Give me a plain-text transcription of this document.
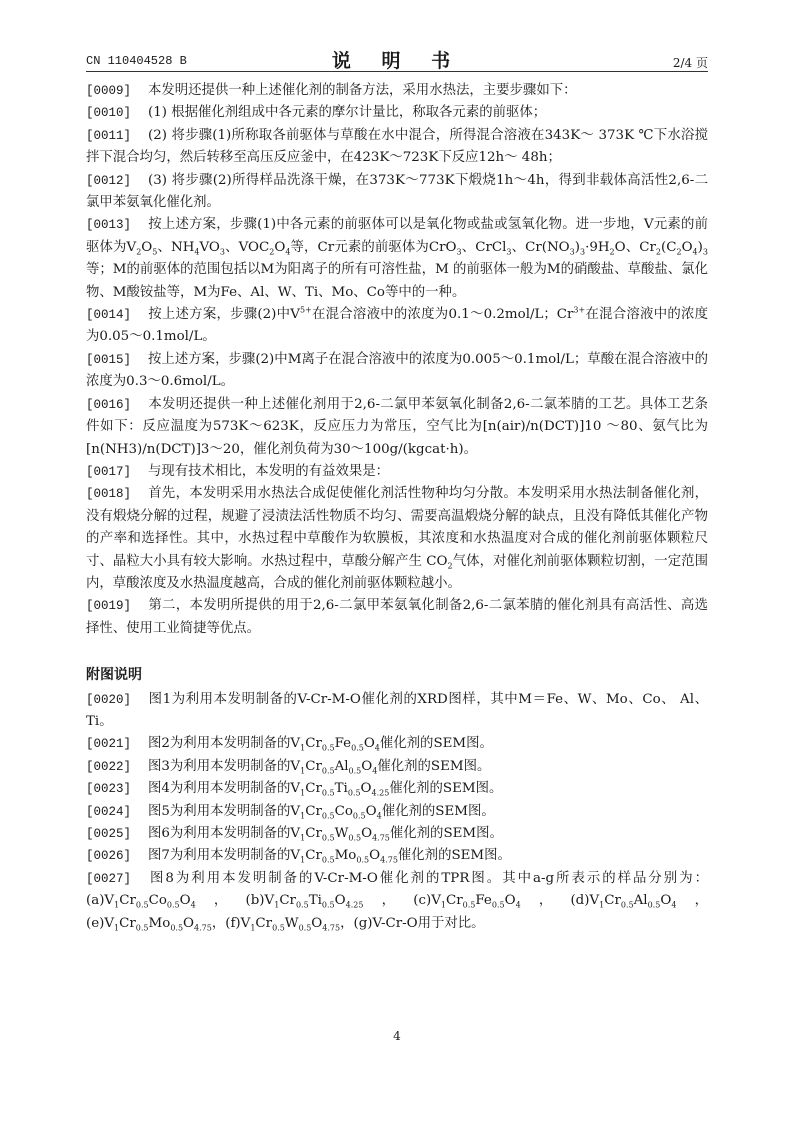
CN 110404528 B	说 明 书	2/4 页

[0009] 本发明还提供一种上述催化剂的制备方法，采用水热法，主要步骤如下：

[0010] (1) 根据催化剂组成中各元素的摩尔计量比，称取各元素的前驱体；

[0011] (2) 将步骤(1)所称取各前驱体与草酸在水中混合，所得混合溶液在343K～ 373K ℃下水浴搅拌下混合均匀，然后转移至高压反应釜中，在423K～723K下反应12h～ 48h；

[0012] (3) 将步骤(2)所得样品洗涤干燥，在373K～773K下煅烧1h～4h，得到非载体高活性2,6-二氯甲苯氨氧化催化剂。

[0013] 按上述方案，步骤(1)中各元素的前驱体可以是氧化物或盐或氢氧化物。进一步地，V元素的前驱体为$V_2O_5$、$NH_4VO_3$、$VOC_2O_4$等，Cr元素的前驱体为CrO$_3$、CrCl$_3$、$Cr(NO_3)_3\cdot 9H_2O$、$Cr_2(C_2O_4)_3$等；M的前驱体的范围包括以M为阳离子的所有可溶性盐，M 的前驱体一般为M的硝酸盐、草酸盐、氯化物、M酸铵盐等，M为Fe、Al、W、Ti、Mo、Co等中的一种。

[0014] 按上述方案，步骤(2)中$V^{5+}$在混合溶液中的浓度为0.1～0.2mol/L；$Cr^{3+}$在混合溶液中的浓度为0.05～0.1mol/L。

[0015] 按上述方案，步骤(2)中M离子在混合溶液中的浓度为0.005～0.1mol/L；草酸在混合溶液中的浓度为0.3～0.6mol/L。

[0016] 本发明还提供一种上述催化剂用于2,6-二氯甲苯氨氧化制备2,6-二氯苯腈的工艺。具体工艺条件如下：反应温度为573K～623K，反应压力为常压，空气比为[n(air)/n(DCT)]10 ～80、氨气比为[n(NH3)/n(DCT)]3～20，催化剂负荷为30～100g/(kgcat·h)。

[0017] 与现有技术相比，本发明的有益效果是：

[0018] 首先，本发明采用水热法合成促使催化剂活性物种均匀分散。本发明采用水热法制备催化剂，没有煅烧分解的过程，规避了浸渍法活性物质不均匀、需要高温煅烧分解的缺点，且没有降低其催化产物的产率和选择性。其中，水热过程中草酸作为软膜板，其浓度和水热温度对合成的催化剂前驱体颗粒尺寸、晶粒大小具有较大影响。水热过程中，草酸分解产生 $CO_2$气体，对催化剂前驱体颗粒切割，一定范围内，草酸浓度及水热温度越高，合成的催化剂前驱体颗粒越小。

[0019] 第二，本发明所提供的用于2,6-二氯甲苯氨氧化制备2,6-二氯苯腈的催化剂具有高活性、高选择性、使用工业简捷等优点。

附图说明

[0020] 图1为利用本发明制备的V-Cr-M-O催化剂的XRD图样，其中M＝Fe、W、Mo、Co、 Al、 Ti。

[0021] 图2为利用本发明制备的$V_1Cr_{0.5}Fe_{0.5}O_4$催化剂的SEM图。

[0022] 图3为利用本发明制备的$V_1Cr_{0.5}Al_{0.5}O_4$催化剂的SEM图。

[0023] 图4为利用本发明制备的$V_1Cr_{0.5}Ti_{0.5}O_{4.25}$催化剂的SEM图。

[0024] 图5为利用本发明制备的$V_1Cr_{0.5}Co_{0.5}O_4$催化剂的SEM图。

[0025] 图6为利用本发明制备的$V_1Cr_{0.5}W_{0.5}O_{4.75}$催化剂的SEM图。

[0026] 图7为利用本发明制备的$V_1Cr_{0.5}Mo_{0.5}O_{4.75}$催化剂的SEM图。

[0027] 图8为利用本发明制备的V-Cr-M-O催化剂的TPR图。其中a-g所表示的样品分别为：$(a)V_1Cr_{0.5}Co_{0.5}O_4$，$(b)V_1Cr_{0.5}Ti_{0.5}O_{4.25}$，$(c)V_1Cr_{0.5}Fe_{0.5}O_4$，$(d)V_1Cr_{0.5}Al_{0.5}O_4$，$(e)V_1Cr_{0.5}Mo_{0.5}O_{4.75}$，$(f)V_1Cr_{0.5}W_{0.5}O_{4.75}$，(g)V-Cr-O用于对比。

4
